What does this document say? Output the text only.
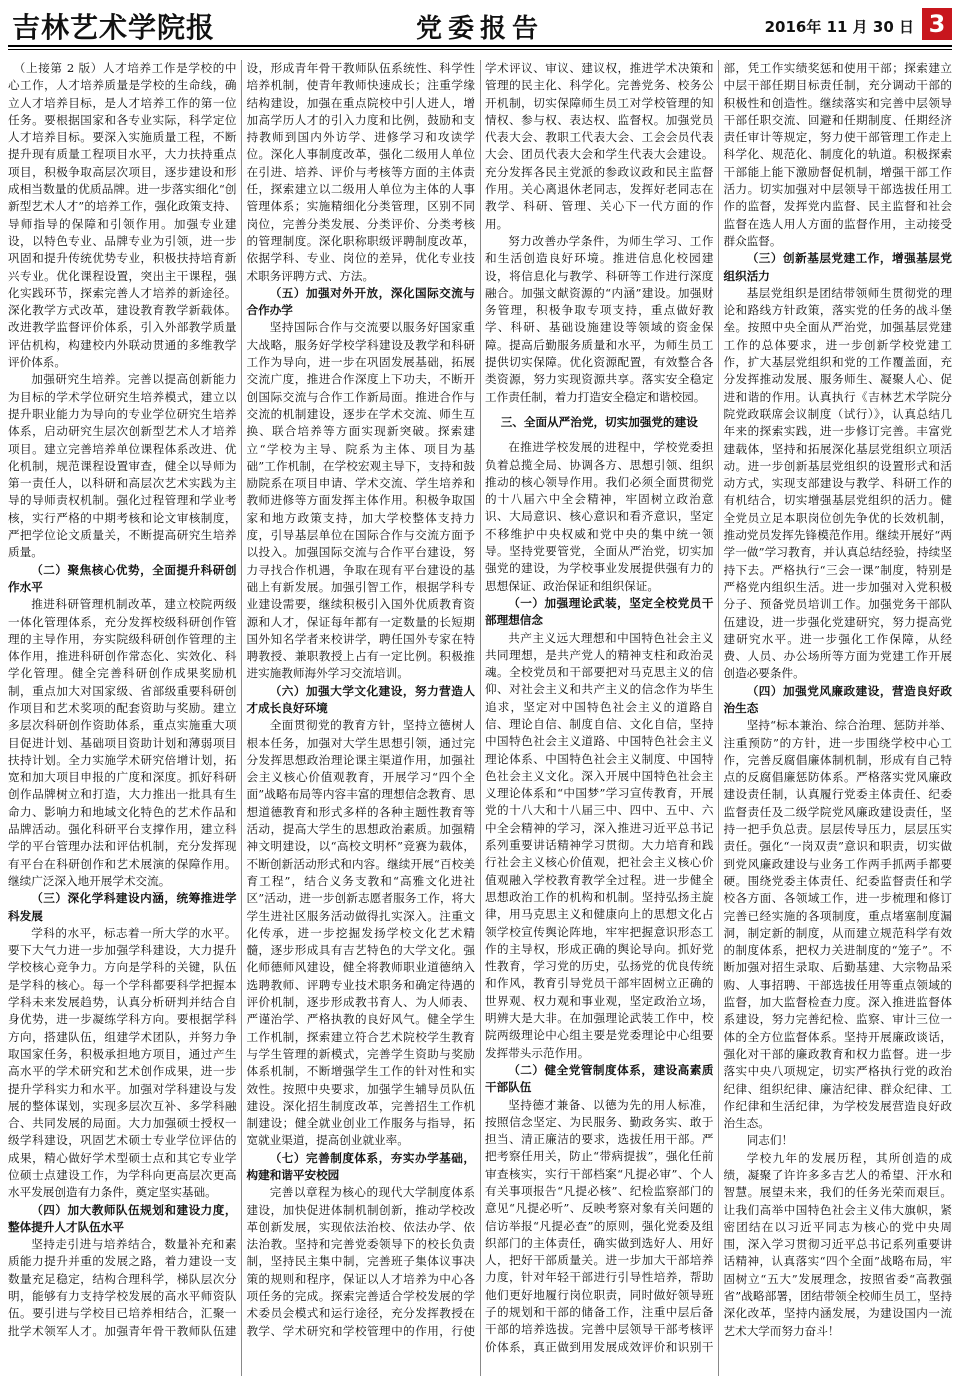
吉林艺术学院报	党委报告	2016年 11 月 30 日 3

（上接第 2 版）人才培养工作是学校的中心工作，人才培养质量是学校的生命线，确立人才培养目标，是人才培养工作的第一位任务。要根据国家和各专业实际，科学定位人才培养目标。要深入实施质量工程，不断提升现有质量工程项目水平，大力扶持重点项目，积极争取高层次项目，逐步建设和形成相当数量的优质品牌。进一步落实细化“创新型艺术人才”的培养工作，强化政策支持、导师指导的保障和引领作用。加强专业建设，以特色专业、品牌专业为引领，进一步巩固和提升传统优势专业，积极扶持培育新兴专业。优化课程设置，突出主干课程，强化实践环节，探索完善人才培养的新途径。深化教学方式改革，建设教育教学新载体。改进教学监督评价体系，引入外部教学质量评估机构，构建校内外联动贯通的多维教学评价体系。

加强研究生培养。完善以提高创新能力为目标的学术学位研究生培养模式，建立以提升职业能力为导向的专业学位研究生培养体系，启动研究生层次创新型艺术人才培养项目。建立完善培养单位课程体系改进、优化机制，规范课程设置审查，健全以导师为第一责任人，以科研和高层次艺术实践为主导的导师责权机制。强化过程管理和学业考核，实行严格的中期考核和论文审核制度，严把学位论文质量关，不断提高研究生培养质量。

（二）聚焦核心优势，全面提升科研创作水平

推进科研管理机制改革，建立校院两级一体化管理体系，充分发挥校级科研创作管理的主导作用，夯实院级科研创作管理的主体作用，推进科研创作常态化、实效化、科学化管理。健全完善科研创作成果奖励机制，重点加大对国家级、省部级重要科研创作项目和艺术奖项的配套资助与奖励。建立多层次科研创作资助体系，重点实施重大项目促进计划、基础项目资助计划和薄弱项目扶持计划。全力实施学术研究倍增计划，拓宽和加大项目申报的广度和深度。抓好科研创作品牌树立和打造，大力推出一批具有生命力、影响力和地域文化特色的艺术作品和品牌活动。强化科研平台支撑作用，建立科学的平台管理办法和评估机制，充分发挥现有平台在科研创作和艺术展演的保障作用。继续广泛深入地开展学术交流。

（三）深化学科建设内涵，统筹推进学科发展

学科的水平，标志着一所大学的水平。要下大气力进一步加强学科建设，大力提升学校核心竞争力。方向是学科的关键，队伍是学科的核心。每一个学科都要科学把握本学科未来发展趋势，认真分析研判并结合自身优势，进一步凝练学科方向。要根据学科方向，搭建队伍，组建学术团队，并努力争取国家任务，积极承担地方项目，通过产生高水平的学术研究和艺术创作成果，进一步提升学科实力和水平。加强对学科建设与发展的整体谋划，实现多层次互补、多学科融合、共同发展的局面。大力加强硕士授权一级学科建设，巩固艺术硕士专业学位评估的成果，精心做好学术型硕士点和其它专业学位硕士点建设工作，为学科向更高层次更高水平发展创造有力条件，奠定坚实基础。

（四）加大教师队伍规划和建设力度，整体提升人才队伍水平

坚持走引进与培养结合，数量补充和素质能力提升并重的发展之路，着力建设一支数量充足稳定，结构合理科学，梯队层次分明，能够有力支持学校发展的高水平师资队伍。要引进与学校目已培养相结合，汇聚一批学术领军人才。加强青年骨干教师队伍建设，形成青年骨干教师队伍系统性、科学性培养机制，使青年教师快速成长；注重学缘结构建设，加强在重点院校中引人进人，增加高学历人才的引入力度和比例，鼓励和支持教师到国内外访学、进修学习和攻读学位。深化人事制度改革，强化二级用人单位在引进、培养、评价与考核等方面的主体责任，探索建立以二级用人单位为主体的人事管理体系；实施精细化分类管理，区别不同岗位，完善分类发展、分类评价、分类考核的管理制度。深化职称职级评聘制度改革，依据学科、专业、岗位的差异，优化专业技术职务评聘方式、方法。

（五）加强对外开放，深化国际交流与合作办学

坚持国际合作与交流要以服务好国家重大战略，服务好学校学科建设及教学和科研工作为导向，进一步在巩固发展基础，拓展交流广度，推进合作深度上下功夫，不断开创国际交流与合作工作新局面。推进合作与交流的机制建设，逐步在学术交流、师生互换、联合培养等方面实现新突破。探索建立“学校为主导、院系为主体、项目为基础”工作机制，在学校宏观主导下，支持和鼓励院系在项目申请、学术交流、学生培养和教师进修等方面发挥主体作用。积极争取国家和地方政策支持，加大学校整体支持力度，引导基层单位在国际合作与交流方面予以投入。加强国际交流与合作平台建设，努力寻找合作机遇，争取在现有平台建设的基础上有新发展。加强引智工作，根据学科专业建设需要，继续积极引入国外优质教育资源和人才，保证每年都有一定数量的长短期国外知名学者来校讲学，聘任国外专家在特聘教授、兼职教授上占有一定比例。积极推进实施教师海外学习交流培训。

（六）加强大学文化建设，努力营造人才成长良好环境

全面贯彻党的教育方针，坚持立德树人根本任务，加强对大学生思想引领，通过完分发挥思想政治理论课主渠道作用，加强社会主义核心价值观教育，开展学习“四个全面”战略布局等内容丰富的理想信念教育、思想道德教育和形式多样的各种主题性教育等活动，提高大学生的思想政治素质。加强精神文明建设，以“高校文明杯”竞赛为载体，不断创新活动形式和内容。继续开展“百校美育工程”，结合义务支教和“高雅文化进社区”活动，进一步创新志愿者服务工作，将大学生进社区服务活动做得扎实深入。注重文化传承，进一步挖掘发扬学校文化艺术精髓，逐步形成具有吉艺特色的大学文化。强化师德师风建设，健全将教师职业道德纳入选聘教师、评聘专业技术职务和确定待遇的评价机制，逐步形成教书育人、为人师表、严谨治学、严格执教的良好风气。健全学生工作机制，探索建立符合艺术院校学生教育与学生管理的新模式，完善学生资助与奖励体系机制，不断增强学生工作的针对性和实效性。按照中央要求，加强学生辅导员队伍建设。深化招生制度改革，完善招生工作机制建设；健全就业创业工作服务与指导，拓宽就业渠道，提高创业就业率。

（七）完善制度体系，夯实办学基础，构建和谐平安校园

完善以章程为核心的现代大学制度体系建设，加快促进体制机制创新，推动学校改革创新发展，实现依法治校、依法办学、依法治教。坚持和完善党委领导下的校长负责制，坚持民主集中制，完善班子集体议事决策的规则和程序，保证以人才培养为中心各项任务的完成。探索完善适合学校发展的学术委员会模式和运行途径，充分发挥教授在教学、学术研究和学校管理中的作用，行使学术评议、审议、建议权，推进学术决策和管理的民主化、科学化。完善党务、校务公开机制，切实保障师生员工对学校管理的知情权、参与权、表达权、监督权。加强党员代表大会、教职工代表大会、工会会员代表大会、团员代表大会和学生代表大会建设。充分发挥各民主党派的参政议政和民主监督作用。关心离退休老同志，发挥好老同志在教学、科研、管理、关心下一代方面的作用。

努力改善办学条件，为师生学习、工作和生活创造良好环境。推进信息化校园建设，将信息化与教学、科研等工作进行深度融合。加强文献资源的“内涵”建设。加强财务管理，积极争取专项支持，重点做好教学、科研、基础设施建设等领域的资金保障。提高后勤服务质量和水平，为师生员工提供切实保障。优化资源配置，有效整合各类资源，努力实现资源共享。落实安全稳定工作责任制，着力打造安全稳定和谐校园。

三、全面从严治党，切实加强党的建设

在推进学校发展的进程中，学校党委担负着总揽全局、协调各方、思想引领、组织推动的核心领导作用。我们必须全面贯彻党的十八届六中全会精神，牢固树立政治意识、大局意识、核心意识和看齐意识，坚定不移维护中央权威和党中央的集中统一领导。坚持党要管党，全面从严治党，切实加强党的建设，为学校事业发展提供强有力的思想保证、政治保证和组织保证。

（一）加强理论武装，坚定全校党员干部理想信念

共产主义远大理想和中国特色社会主义共同理想，是共产党人的精神支柱和政治灵魂。全校党员和干部要把对马克思主义的信仰、对社会主义和共产主义的信念作为毕生追求，坚定对中国特色社会主义的道路自信、理论自信、制度自信、文化自信，坚持中国特色社会主义道路、中国特色社会主义理论体系、中国特色社会主义制度、中国特色社会主义文化。深入开展中国特色社会主义理论体系和“中国梦”学习宣传教育，开展党的十八大和十八届三中、四中、五中、六中全会精神的学习，深入推进习近平总书记系列重要讲话精神学习贯彻。大力培育和践行社会主义核心价值观，把社会主义核心价值观融入学校教育教学全过程。进一步健全思想政治工作的机构和机制。坚持弘扬主旋律，用马克思主义和健康向上的思想文化占领学校宣传舆论阵地，牢牢把握意识形态工作的主导权，形成正确的舆论导向。抓好党性教育，学习党的历史，弘扬党的优良传统和作风，教育引导党员干部牢固树立正确的世界观、权力观和事业观，坚定政治立场，明辨大是大非。在加强理论武装工作中，校院两级理论中心组主要是党委理论中心组要发挥带头示范作用。

（二）健全党管制度体系，建设高素质干部队伍

坚持德才兼备、以德为先的用人标准，按照信念坚定、为民服务、勤政务实、敢于担当、清正廉洁的要求，选拔任用干部。严把考察任用关，防止“带病提拔”，强化任前审查核实，实行干部档案“凡提必审”、个人有关事项报告“凡提必核”、纪检监察部门的意见“凡提必听”、反映考察对象有关问题的信访举报“凡提必查”的原则，强化党委及组织部门的主体责任，确实做到选好人、用好人，把好干部质量关。进一步加大干部培养力度，针对年轻干部进行引导性培养，帮助他们更好地履行岗位职责，同时做好领导班子的规划和干部的储备工作，注重中层后备干部的培养选拔。完善中层领导干部考核评价体系，真正做到用发展成效评价和识别干部，凭工作实绩奖惩和使用干部；探索建立中层干部任期目标责任制，充分调动干部的积极性和创造性。继续落实和完善中层领导干部任职交流、回避和任期制度、任期经济责任审计等规定，努力使干部管理工作走上科学化、规范化、制度化的轨道。积极探索干部能上能下激励督促机制，增强干部工作活力。切实加强对中层领导干部选拔任用工作的监督，发挥党内监督、民主监督和社会监督在选人用人方面的监督作用，主动接受群众监督。

（三）创新基层党建工作，增强基层党组织活力

基层党组织是团结带领师生贯彻党的理论和路线方针政策，落实党的任务的战斗堡垒。按照中央全面从严治党，加强基层党建工作的总体要求，进一步创新学校党建工作，扩大基层党组织和党的工作覆盖面，充分发挥推动发展、服务师生、凝聚人心、促进和谐的作用。认真执行《吉林艺术学院分院党政联席会议制度（试行）》，认真总结几年来的探索实践，进一步修订完善。丰富党建载体，坚持和拓展深化基层党组织立项活动。进一步创新基层党组织的设置形式和活动方式，实现支部建设与教学、科研工作的有机结合，切实增强基层党组织的活力。健全党员立足本职岗位创先争优的长效机制，推动党员发挥先锋模范作用。继续开展好“两学一做”学习教育，并认真总结经验，持续坚持下去。严格执行“三会一课”制度，特别是严格党内组织生活。进一步加强对入党积极分子、预备党员培训工作。加强党务干部队伍建设，进一步强化党建研究，努力提高党建研究水平。进一步强化工作保障，从经费、人员、办公场所等方面为党建工作开展创造必要条件。

（四）加强党风廉政建设，营造良好政治生态

坚持“标本兼治、综合治理、惩防并举、注重预防”的方针，进一步围绕学校中心工作，完善反腐倡廉体制机制，形成有自己特点的反腐倡廉惩防体系。严格落实党风廉政建设责任制，认真履行党委主体责任、纪委监督责任及二级学院党风廉政建设责任，坚持一把手负总责。层层传导压力，层层压实责任。强化“一岗双责”意识和职责，切实做到党风廉政建设与业务工作两手抓两手都要硬。围绕党委主体责任、纪委监督责任和学校各方面、各领域工作，进一步梳理和修订完善已经实施的各项制度，重点堵塞制度漏洞，制定新的制度，从而建立规范科学有效的制度体系，把权力关进制度的“笼子”。不断加强对招生录取、后勤基建、大宗物品采购、人事招聘、干部选拔任用等重点领域的监督，加大监督检查力度。深入推进监督体系建设，努力完善纪检、监察、审计三位一体的全方位监督体系。坚持开展廉政谈话，强化对干部的廉政教育和权力监督。进一步落实中央八项规定，切实严格执行党的政治纪律、组织纪律、廉洁纪律、群众纪律、工作纪律和生活纪律，为学校发展营造良好政治生态。

同志们！

学校九年的发展历程，其所创造的成绩，凝聚了许许多多吉艺人的希望、汗水和智慧。展望未来，我们的任务光荣而艰巨。让我们高举中国特色社会主义伟大旗帜，紧密团结在以习近平同志为核心的党中央周围，深入学习贯彻习近平总书记系列重要讲话精神，认真落实“四个全面”战略布局，牢固树立“五大”发展理念，按照省委“高教强省”战略部署，团结带领全校师生员工，坚持深化改革，坚持内涵发展，为建设国内一流艺术大学而努力奋斗！
